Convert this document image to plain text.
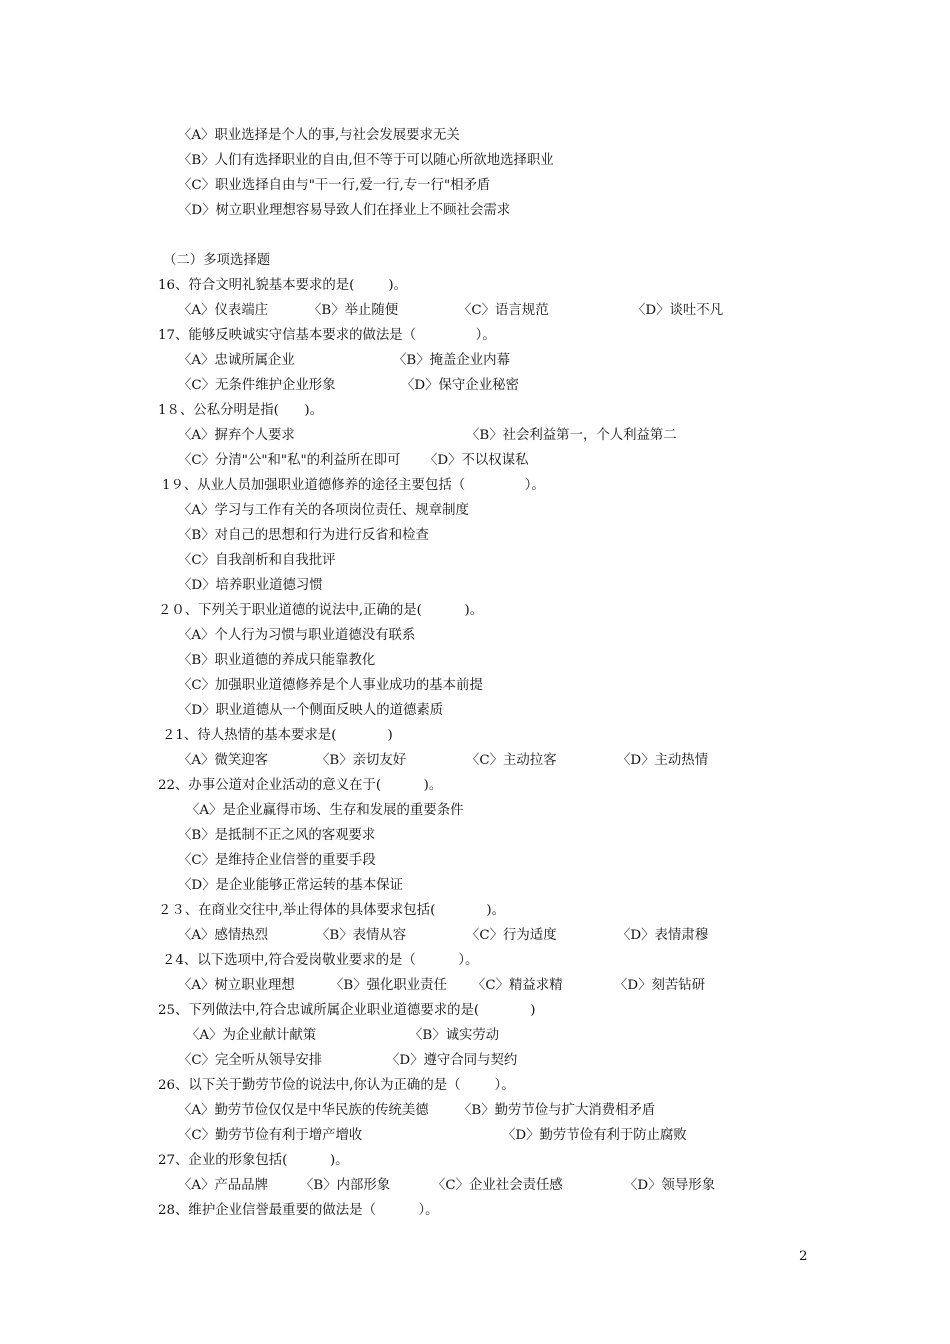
〈A〉职业选择是个人的事,与社会发展要求无关
〈B〉人们有选择职业的自由,但不等于可以随心所欲地选择职业
〈C〉职业选择自由与"干一行,爱一行,专一行"相矛盾
〈D〉树立职业理想容易导致人们在择业上不顾社会需求
（二）多项选择题
16、符合文明礼貌基本要求的是(        )。
〈A〉仪表端庄	〈B〉举止随便	〈C〉语言规范	〈D〉谈吐不凡
17、能够反映诚实守信基本要求的做法是（              ）。
〈A〉忠诚所属企业	〈B〉掩盖企业内幕
〈C〉无条件维护企业形象	〈D〉保守企业秘密
1８、公私分明是指(      )。
〈A〉摒弃个人要求	〈B〉社会利益第一，个人利益第二
〈C〉分清"公"和"私"的利益所在即可 〈D〉不以权谋私
1９、从业人员加强职业道德修养的途径主要包括（              ）。
〈A〉学习与工作有关的各项岗位责任、规章制度
〈B〉对自己的思想和行为进行反省和检查
〈C〉自我剖析和自我批评
〈D〉培养职业道德习惯
２０、下列关于职业道德的说法中,正确的是(          )。
〈A〉个人行为习惯与职业道德没有联系
〈B〉职业道德的养成只能靠教化
〈C〉加强职业道德修养是个人事业成功的基本前提
〈D〉职业道德从一个侧面反映人的道德素质
２1、待人热情的基本要求是(            )
〈A〉微笑迎客	〈B〉亲切友好	〈C〉主动拉客	〈D〉主动热情
22、办事公道对企业活动的意义在于(          )。
〈A〉是企业赢得市场、生存和发展的重要条件
〈B〉是抵制不正之风的客观要求
〈C〉是维持企业信誉的重要手段
〈D〉是企业能够正常运转的基本保证
２３、在商业交往中,举止得体的具体要求包括(            )。
〈A〉感情热烈	〈B〉表情从容	〈C〉行为适度	〈D〉表情肃穆
２4、以下选项中,符合爱岗敬业要求的是（          ）。
〈A〉树立职业理想	〈B〉强化职业责任 〈C〉精益求精	〈D〉刻苦钻研
25、下列做法中,符合忠诚所属企业职业道德要求的是(            )
〈A〉为企业献计献策	〈B〉诚实劳动
〈C〉完全听从领导安排	〈D〉遵守合同与契约
26、以下关于勤劳节俭的说法中,你认为正确的是（        ）。
〈A〉勤劳节俭仅仅是中华民族的传统美德 〈B〉勤劳节俭与扩大消费相矛盾
〈C〉勤劳节俭有利于增产增收	〈D〉勤劳节俭有利于防止腐败
27、企业的形象包括(          )。
〈A〉产品品牌 〈B〉内部形象	〈C〉企业社会责任感	〈D〉领导形象
28、维护企业信誉最重要的做法是（          ）。
2
